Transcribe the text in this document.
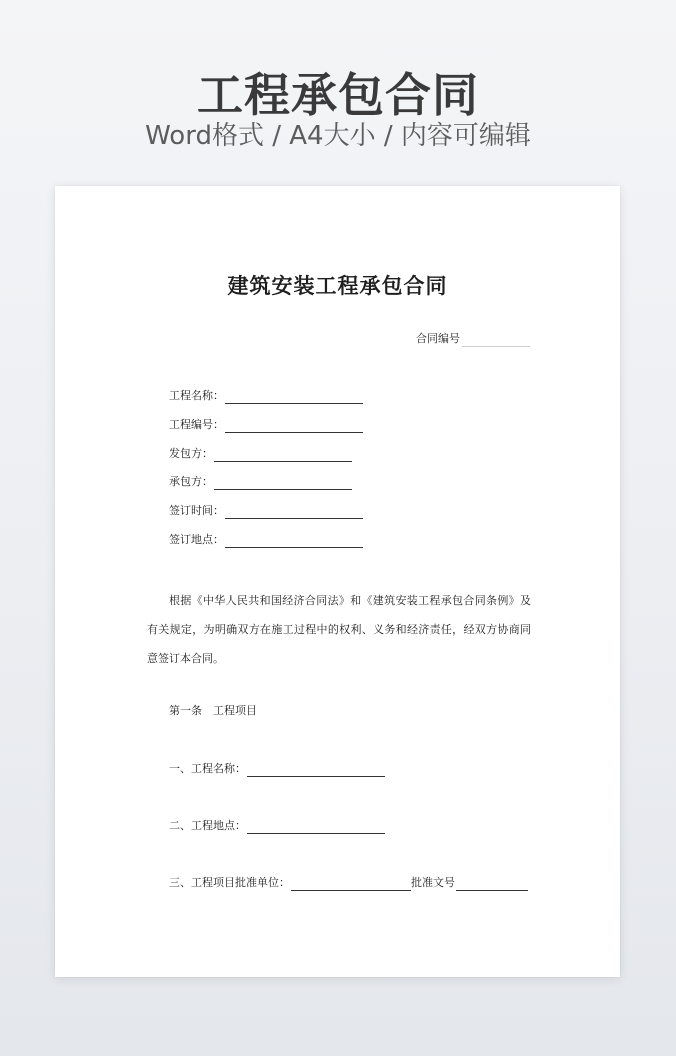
工程承包合同
Word格式 / A4大小 / 内容可编辑
建筑安装工程承包合同
合同编号
工程名称：
工程编号：
发包方：
承包方：
签订时间：
签订地点：
根据《中华人民共和国经济合同法》和《建筑安装工程承包合同条例》及有关规定，为明确双方在施工过程中的权利、义务和经济责任，经双方协商同意签订本合同。
第一条　工程项目
一、工程名称：
二、工程地点：
三、工程项目批准单位：	批准文号
